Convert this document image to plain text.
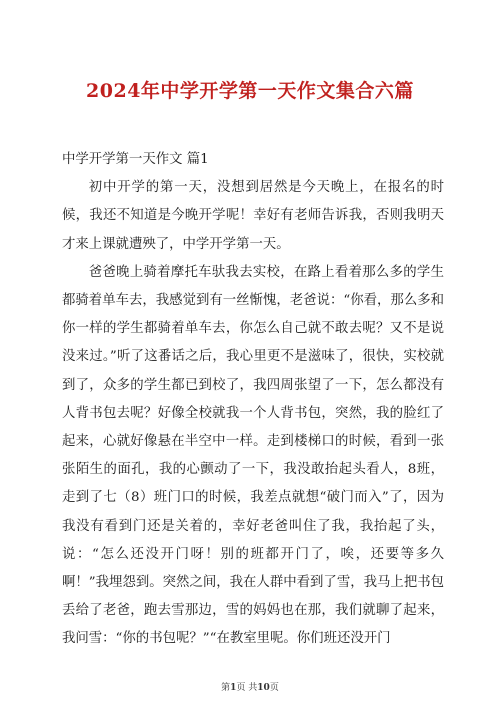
2024年中学开学第一天作文集合六篇

中学开学第一天作文 篇1

初中开学的第一天，没想到居然是今天晚上，在报名的时候，我还不知道是今晚开学呢！幸好有老师告诉我，否则我明天才来上课就遭殃了，中学开学第一天。

爸爸晚上骑着摩托车驮我去实校，在路上看着那么多的学生都骑着单车去，我感觉到有一丝惭愧，老爸说：“你看，那么多和你一样的学生都骑着单车去，你怎么自己就不敢去呢？又不是说没来过。”听了这番话之后，我心里更不是滋味了，很快，实校就到了，众多的学生都已到校了，我四周张望了一下，怎么都没有人背书包去呢？好像全校就我一个人背书包，突然，我的脸红了起来，心就好像悬在半空中一样。走到楼梯口的时候，看到一张张陌生的面孔，我的心颤动了一下，我没敢抬起头看人，8班，走到了七（8）班门口的时候，我差点就想“破门而入”了，因为我没有看到门还是关着的，幸好老爸叫住了我，我抬起了头，说：“怎么还没开门呀！别的班都开门了，唉，还要等多久啊！”我埋怨到。突然之间，我在人群中看到了雪，我马上把书包丢给了老爸，跑去雪那边，雪的妈妈也在那，我们就聊了起来，我问雪：“你的书包呢？”“在教室里呢。你们班还没开门

第1页 共10页
